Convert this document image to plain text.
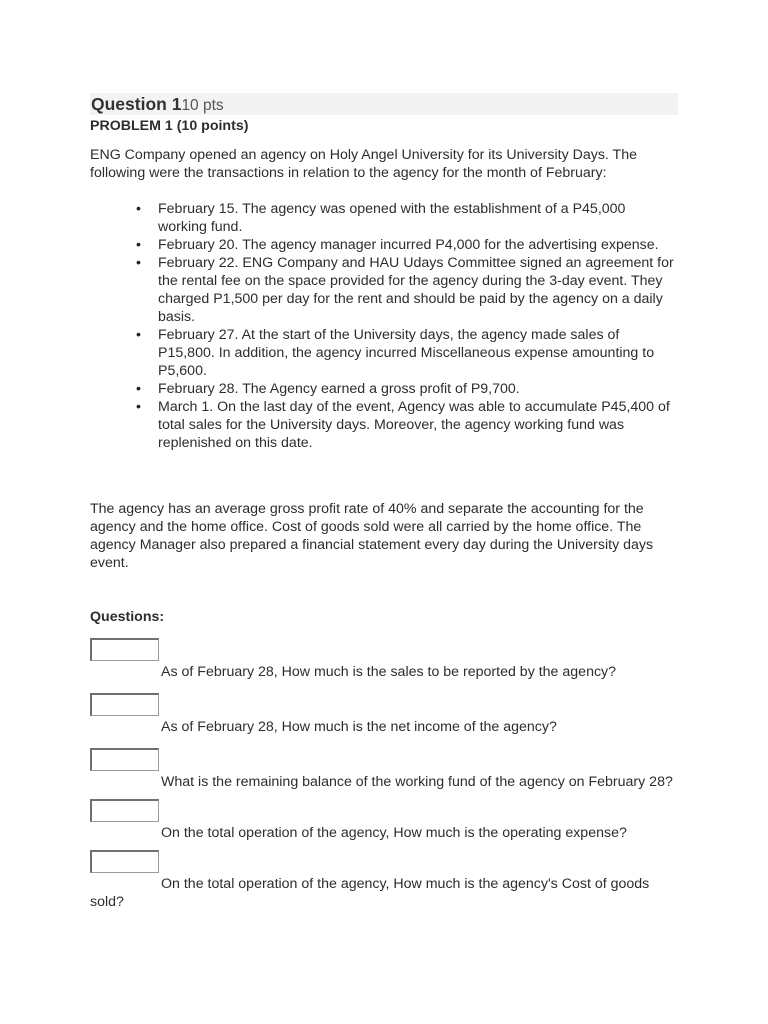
Question 110 pts
PROBLEM 1 (10 points)

ENG Company opened an agency on Holy Angel University for its University Days. The following were the transactions in relation to the agency for the month of February:

• February 15. The agency was opened with the establishment of a P45,000 working fund.
• February 20. The agency manager incurred P4,000 for the advertising expense.
• February 22. ENG Company and HAU Udays Committee signed an agreement for the rental fee on the space provided for the agency during the 3-day event. They charged P1,500 per day for the rent and should be paid by the agency on a daily basis.
• February 27. At the start of the University days, the agency made sales of P15,800. In addition, the agency incurred Miscellaneous expense amounting to P5,600.
• February 28. The Agency earned a gross profit of P9,700.
• March 1. On the last day of the event, Agency was able to accumulate P45,400 of total sales for the University days. Moreover, the agency working fund was replenished on this date.

The agency has an average gross profit rate of 40% and separate the accounting for the agency and the home office. Cost of goods sold were all carried by the home office. The agency Manager also prepared a financial statement every day during the University days event.

Questions:
As of February 28, How much is the sales to be reported by the agency?
As of February 28, How much is the net income of the agency?
What is the remaining balance of the working fund of the agency on February 28?
On the total operation of the agency, How much is the operating expense?
On the total operation of the agency, How much is the agency's Cost of goods sold?
